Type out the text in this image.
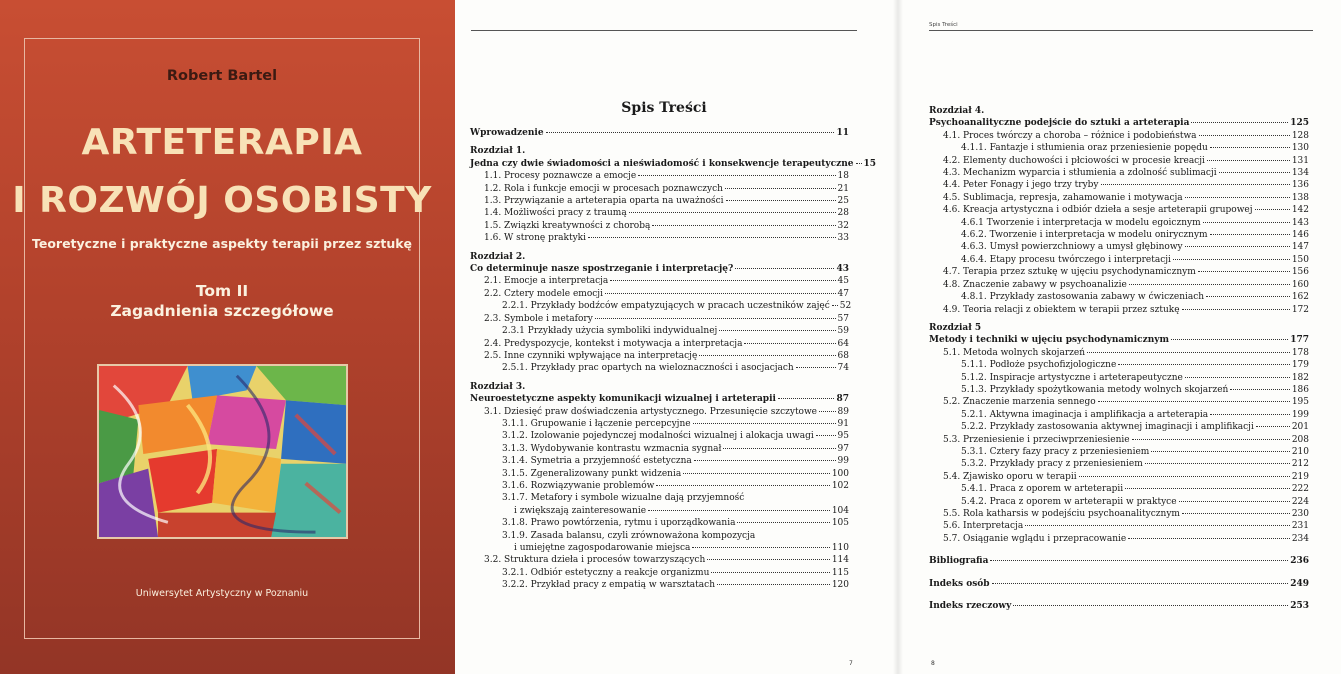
Robert Bartel
ARTETERAPIA
I ROZWÓJ OSOBISTY
Teoretyczne i praktyczne aspekty terapii przez sztukę
Tom II
Zagadnienia szczegółowe
Uniwersytet Artystyczny w Poznaniu
Spis Treści
Wprowadzenie	11
Rozdział 1.
Jedna czy dwie świadomości a nieświadomość i konsekwencje terapeutyczne 15
1.1. Procesy poznawcze a emocje	18
1.2. Rola i funkcje emocji w procesach poznawczych	21
1.3. Przywiązanie a arteterapia oparta na uważności	25
1.4. Możliwości pracy z traumą	28
1.5. Związki kreatywności z chorobą	32
1.6. W stronę praktyki	33
Rozdział 2.
Co determinuje nasze spostrzeganie i interpretację?	43
2.1. Emocje a interpretacja	45
2.2. Cztery modele emocji	47
2.2.1. Przykłady bodźców empatyzujących w pracach uczestników zajęć 52
2.3. Symbole i metafory	57
2.3.1 Przykłady użycia symboliki indywidualnej	59
2.4. Predyspozycje, kontekst i motywacja a interpretacja	64
2.5. Inne czynniki wpływające na interpretację	68
2.5.1. Przykłady prac opartych na wieloznaczności i asocjacjach	74
Rozdział 3.
Neuroestetyczne aspekty komunikacji wizualnej i arteterapii	87
3.1. Dziesięć praw doświadczenia artystycznego. Przesunięcie szczytowe 89
3.1.1. Grupowanie i łączenie percepcyjne	91
3.1.2. Izolowanie pojedynczej modalności wizualnej i alokacja uwagi	95
3.1.3. Wydobywanie kontrastu wzmacnia sygnał	97
3.1.4. Symetria a przyjemność estetyczna	99
3.1.5. Zgeneralizowany punkt widzenia	100
3.1.6. Rozwiązywanie problemów	102
3.1.7. Metafory i symbole wizualne dają przyjemność
i zwiększają zainteresowanie	104
3.1.8. Prawo powtórzenia, rytmu i uporządkowania	105
3.1.9. Zasada balansu, czyli zrównoważona kompozycja
i umiejętne zagospodarowanie miejsca	110
3.2. Struktura dzieła i procesów towarzyszących	114
3.2.1. Odbiór estetyczny a reakcje organizmu	115
3.2.2. Przykład pracy z empatią w warsztatach	120
7
Spis Treści
Rozdział 4.
Psychoanalityczne podejście do sztuki a arteterapia	125
4.1. Proces twórczy a choroba – różnice i podobieństwa	128
4.1.1. Fantazje i stłumienia oraz przeniesienie popędu	130
4.2. Elementy duchowości i płciowości w procesie kreacji	131
4.3. Mechanizm wyparcia i stłumienia a zdolność sublimacji	134
4.4. Peter Fonagy i jego trzy tryby	136
4.5. Sublimacja, represja, zahamowanie i motywacja	138
4.6. Kreacja artystyczna i odbiór dzieła a sesje arteterapii grupowej	142
4.6.1 Tworzenie i interpretacja w modelu egoicznym	143
4.6.2. Tworzenie i interpretacja w modelu onirycznym	146
4.6.3. Umysł powierzchniowy a umysł głębinowy	147
4.6.4. Etapy procesu twórczego i interpretacji	150
4.7. Terapia przez sztukę w ujęciu psychodynamicznym	156
4.8. Znaczenie zabawy w psychoanalizie	160
4.8.1. Przykłady zastosowania zabawy w ćwiczeniach	162
4.9. Teoria relacji z obiektem w terapii przez sztukę	172
Rozdział 5
Metody i techniki w ujęciu psychodynamicznym	177
5.1. Metoda wolnych skojarzeń	178
5.1.1. Podłoże psychofizjologiczne	179
5.1.2. Inspiracje artystyczne i arteterapeutyczne	182
5.1.3. Przykłady spożytkowania metody wolnych skojarzeń	186
5.2. Znaczenie marzenia sennego	195
5.2.1. Aktywna imaginacja i amplifikacja a arteterapia	199
5.2.2. Przykłady zastosowania aktywnej imaginacji i amplifikacji	201
5.3. Przeniesienie i przeciwprzeniesienie	208
5.3.1. Cztery fazy pracy z przeniesieniem	210
5.3.2. Przykłady pracy z przeniesieniem	212
5.4. Zjawisko oporu w terapii	219
5.4.1. Praca z oporem w arteterapii	222
5.4.2. Praca z oporem w arteterapii w praktyce	224
5.5. Rola katharsis w podejściu psychoanalitycznym	230
5.6. Interpretacja	231
5.7. Osiąganie wglądu i przepracowanie	234
Bibliografia	236
Indeks osób	249
Indeks rzeczowy	253
8
